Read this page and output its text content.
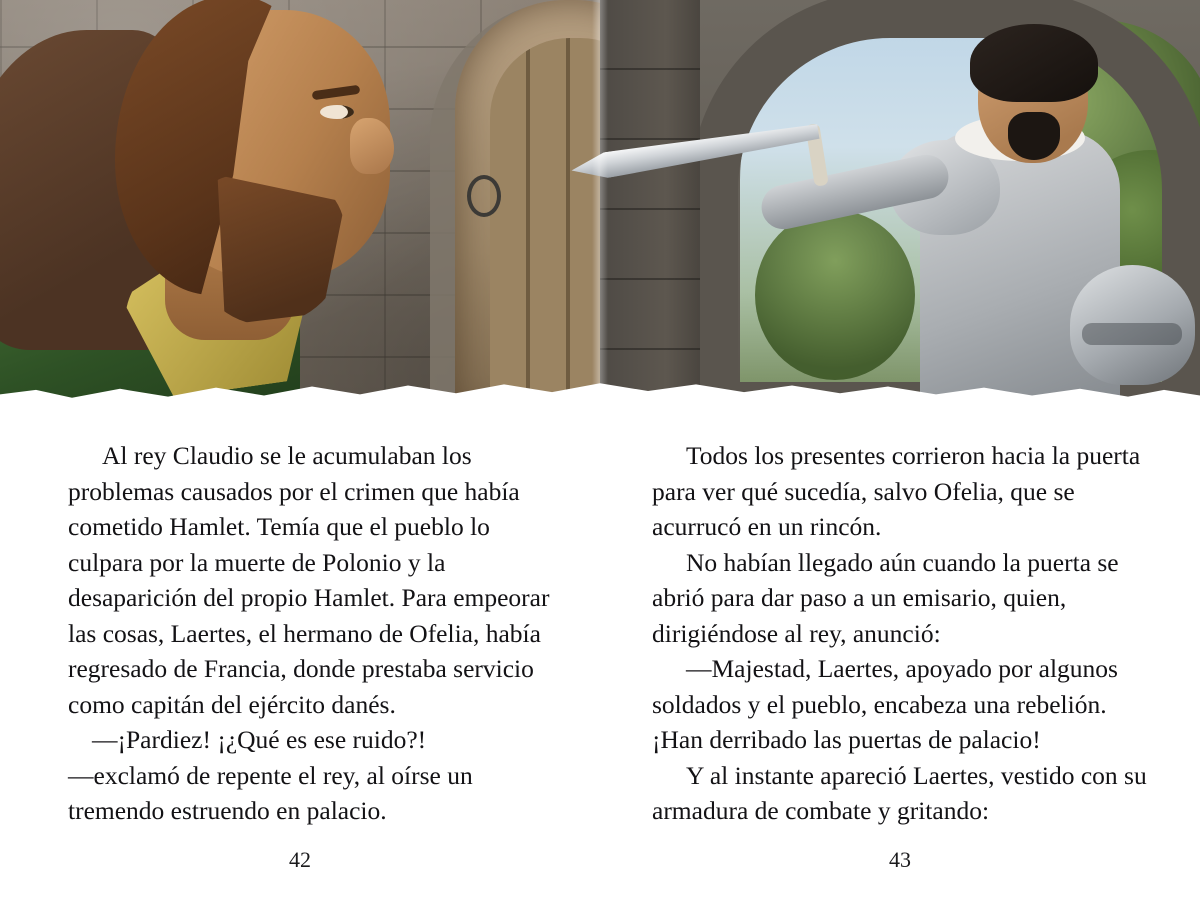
Al rey Claudio se le acumulaban los problemas causados por el crimen que había cometido Hamlet. Temía que el pueblo lo culpara por la muerte de Polonio y la desaparición del propio Hamlet. Para empeorar las cosas, Laertes, el hermano de Ofelia, había regresado de Francia, donde prestaba servicio como capitán del ejército danés.

—¡Pardiez! ¡¿Qué es ese ruido?!

—exclamó de repente el rey, al oírse un tremendo estruendo en palacio.

42

Todos los presentes corrieron hacia la puerta para ver qué sucedía, salvo Ofelia, que se acurrucó en un rincón.

No habían llegado aún cuando la puerta se abrió para dar paso a un emisario, quien, dirigiéndose al rey, anunció:

—Majestad, Laertes, apoyado por algunos soldados y el pueblo, encabeza una rebelión. ¡Han derribado las puertas de palacio!

Y al instante apareció Laertes, vestido con su armadura de combate y gritando:

43
